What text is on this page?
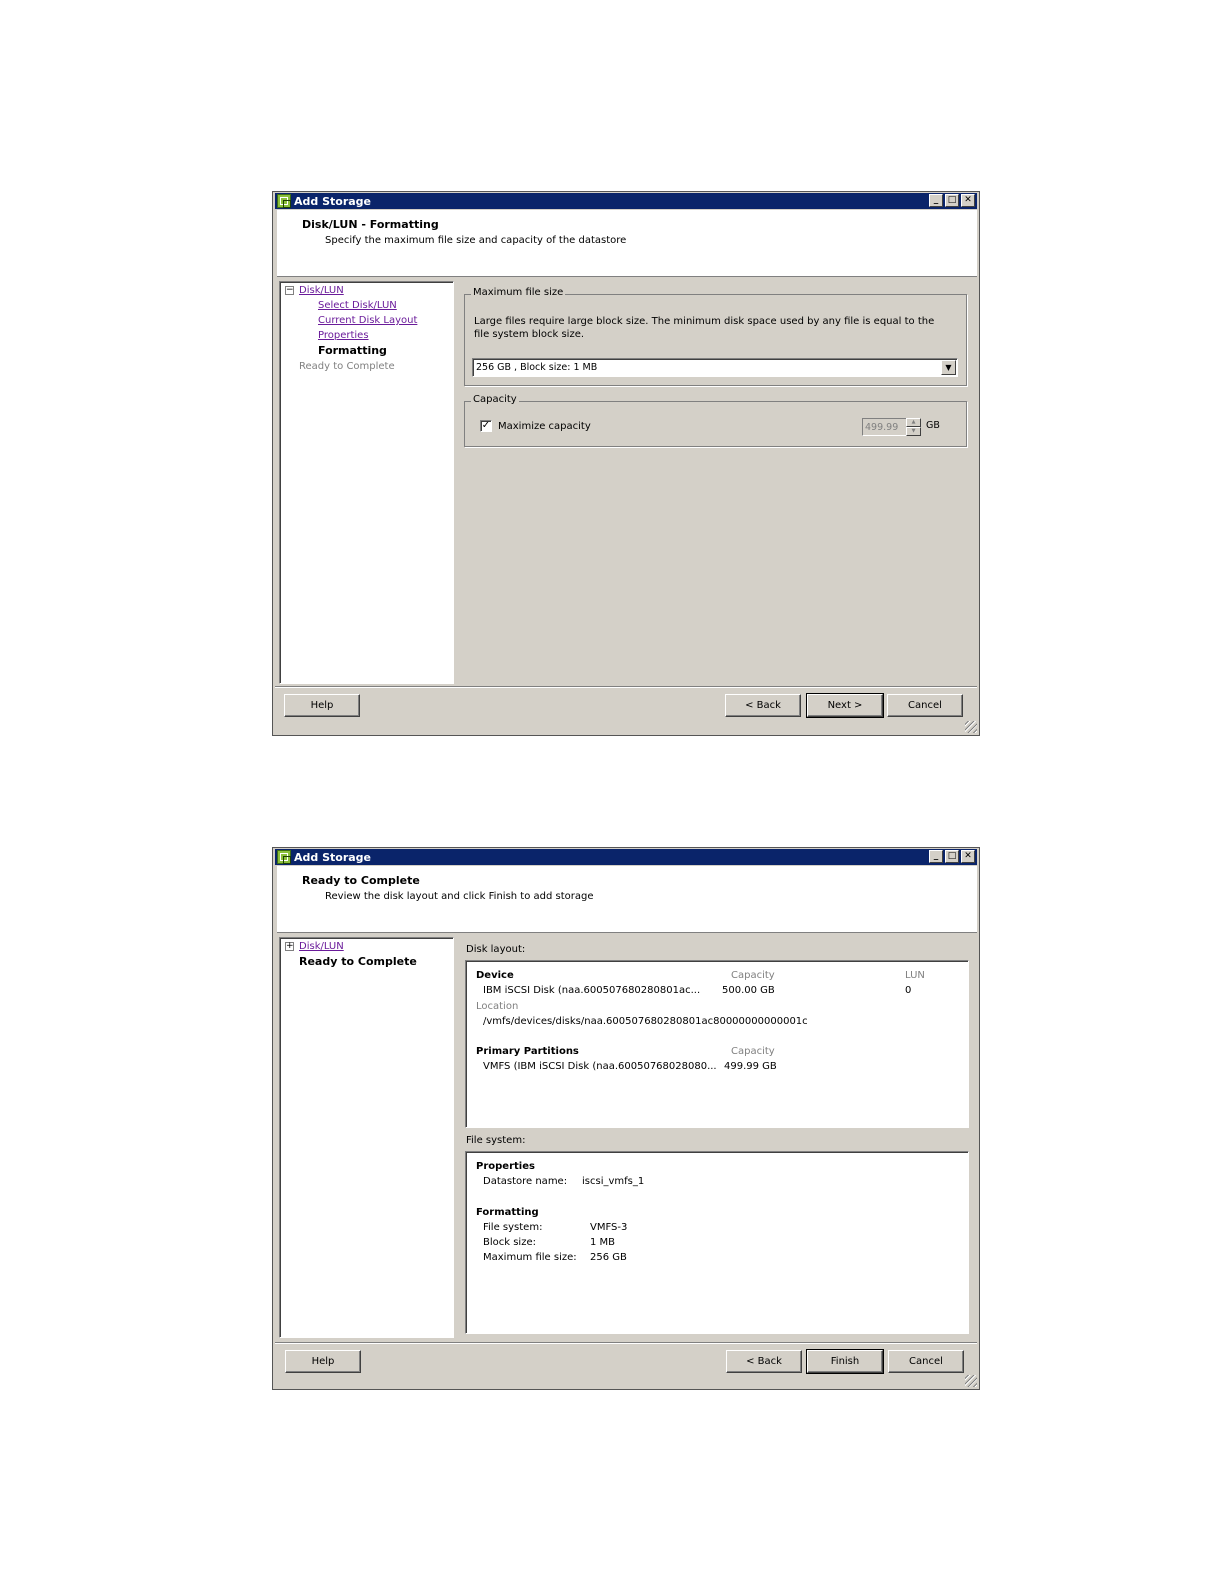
Add Storage	_	□ ✕
Disk/LUN - Formatting
Specify the maximum file size and capacity of the datastore
− Disk/LUN
Select Disk/LUN
Current Disk Layout
Properties
Formatting
Ready to Complete
Maximum file size
Large files require large block size. The minimum disk space used by any file is equal to the file system block size.
256 GB , Block size: 1 MB	▼
Capacity
✓ Maximize capacity	499.99	▲
▼	GB
Help	< Back	Next >	Cancel
Add Storage	_	□ ✕
Ready to Complete
Review the disk layout and click Finish to add storage
+ Disk/LUN
Ready to Complete
Disk layout:
Device	Capacity	LUN
IBM iSCSI Disk (naa.600507680280801ac... 500.00 GB	0
Location
/vmfs/devices/disks/naa.600507680280801ac80000000000001c
Primary Partitions	Capacity
VMFS (IBM iSCSI Disk (naa.60050768028080... 499.99 GB
File system:
Properties
Datastore name: iscsi_vmfs_1
Formatting
File system:	VMFS-3
Block size:	1 MB
Maximum file size: 256 GB
Help	< Back	Finish	Cancel
